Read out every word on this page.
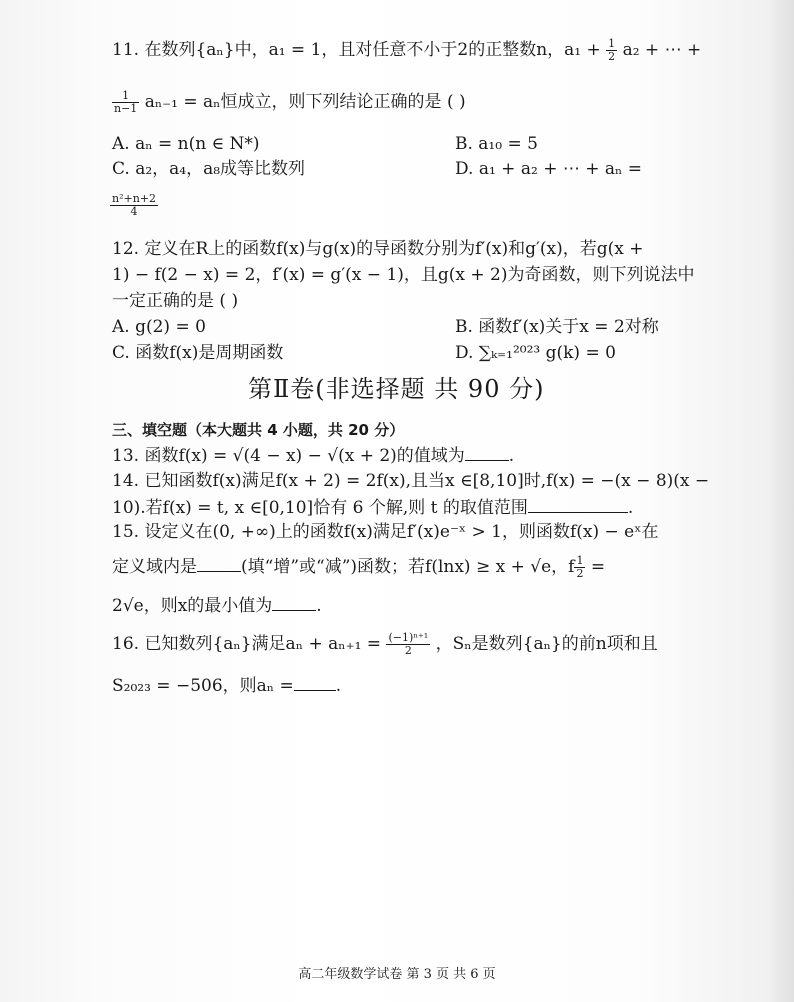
11. 在数列{aₙ}中，a₁ = 1，且对任意不小于2的正整数n，$a_1 + \frac{1}{2} a_2$ + ⋯ +
$\frac{1}{n-1} a_{n-1} = a_n$恒成立，则下列结论正确的是 ( )
A. aₙ = n(n ∈ N*)	B. a₁₀ = 5
C. a₂，a₄，a₈成等比数列	D. a₁ + a₂ + ⋯ + aₙ =
$\frac{\text{n²+n+2}}{4}$
12. 定义在R上的函数f(x)与g(x)的导函数分别为f′(x)和g′(x)，若g(x +
1) − f(2 − x) = 2，f′(x) = g′(x − 1)，且g(x + 2)为奇函数，则下列说法中
一定正确的是 ( )
A. g(2) = 0	B. 函数f′(x)关于x = 2对称
C. 函数f(x)是周期函数	D. ∑ₖ₌₁²⁰²³ g(k) = 0
第Ⅱ卷(非选择题 共 90 分)
三、填空题（本大题共 4 小题，共 20 分）
13. 函数f(x) = √(4 − x) − √(x + 2)的值域为	.
14. 已知函数f(x)满足f(x + 2) = 2f(x),且当x ∈[8,10]时,f(x) = −(x − 8)(x −
10).若f(x) = t, x ∈[0,10]恰有 6 个解,则 t 的取值范围	.
15. 设定义在(0, +∞)上的函数f(x)满足f′(x)e⁻ˣ > 1，则函数f(x) − eˣ在
定义域内是	(填“增”或“减”)函数；若f(lnx) ≥ x + √e，f $\frac{1}{2}$ =
2√e，则x的最小值为	.
16. 已知数列{aₙ}满足$a_n + a_{n+1} = \frac{\text{(−1)ⁿ⁺¹}}{2}$ ，Sₙ是数列{aₙ}的前n项和且
S₂₀₂₃ = −506，则aₙ = .
高二年级数学试卷 第 3 页 共 6 页
